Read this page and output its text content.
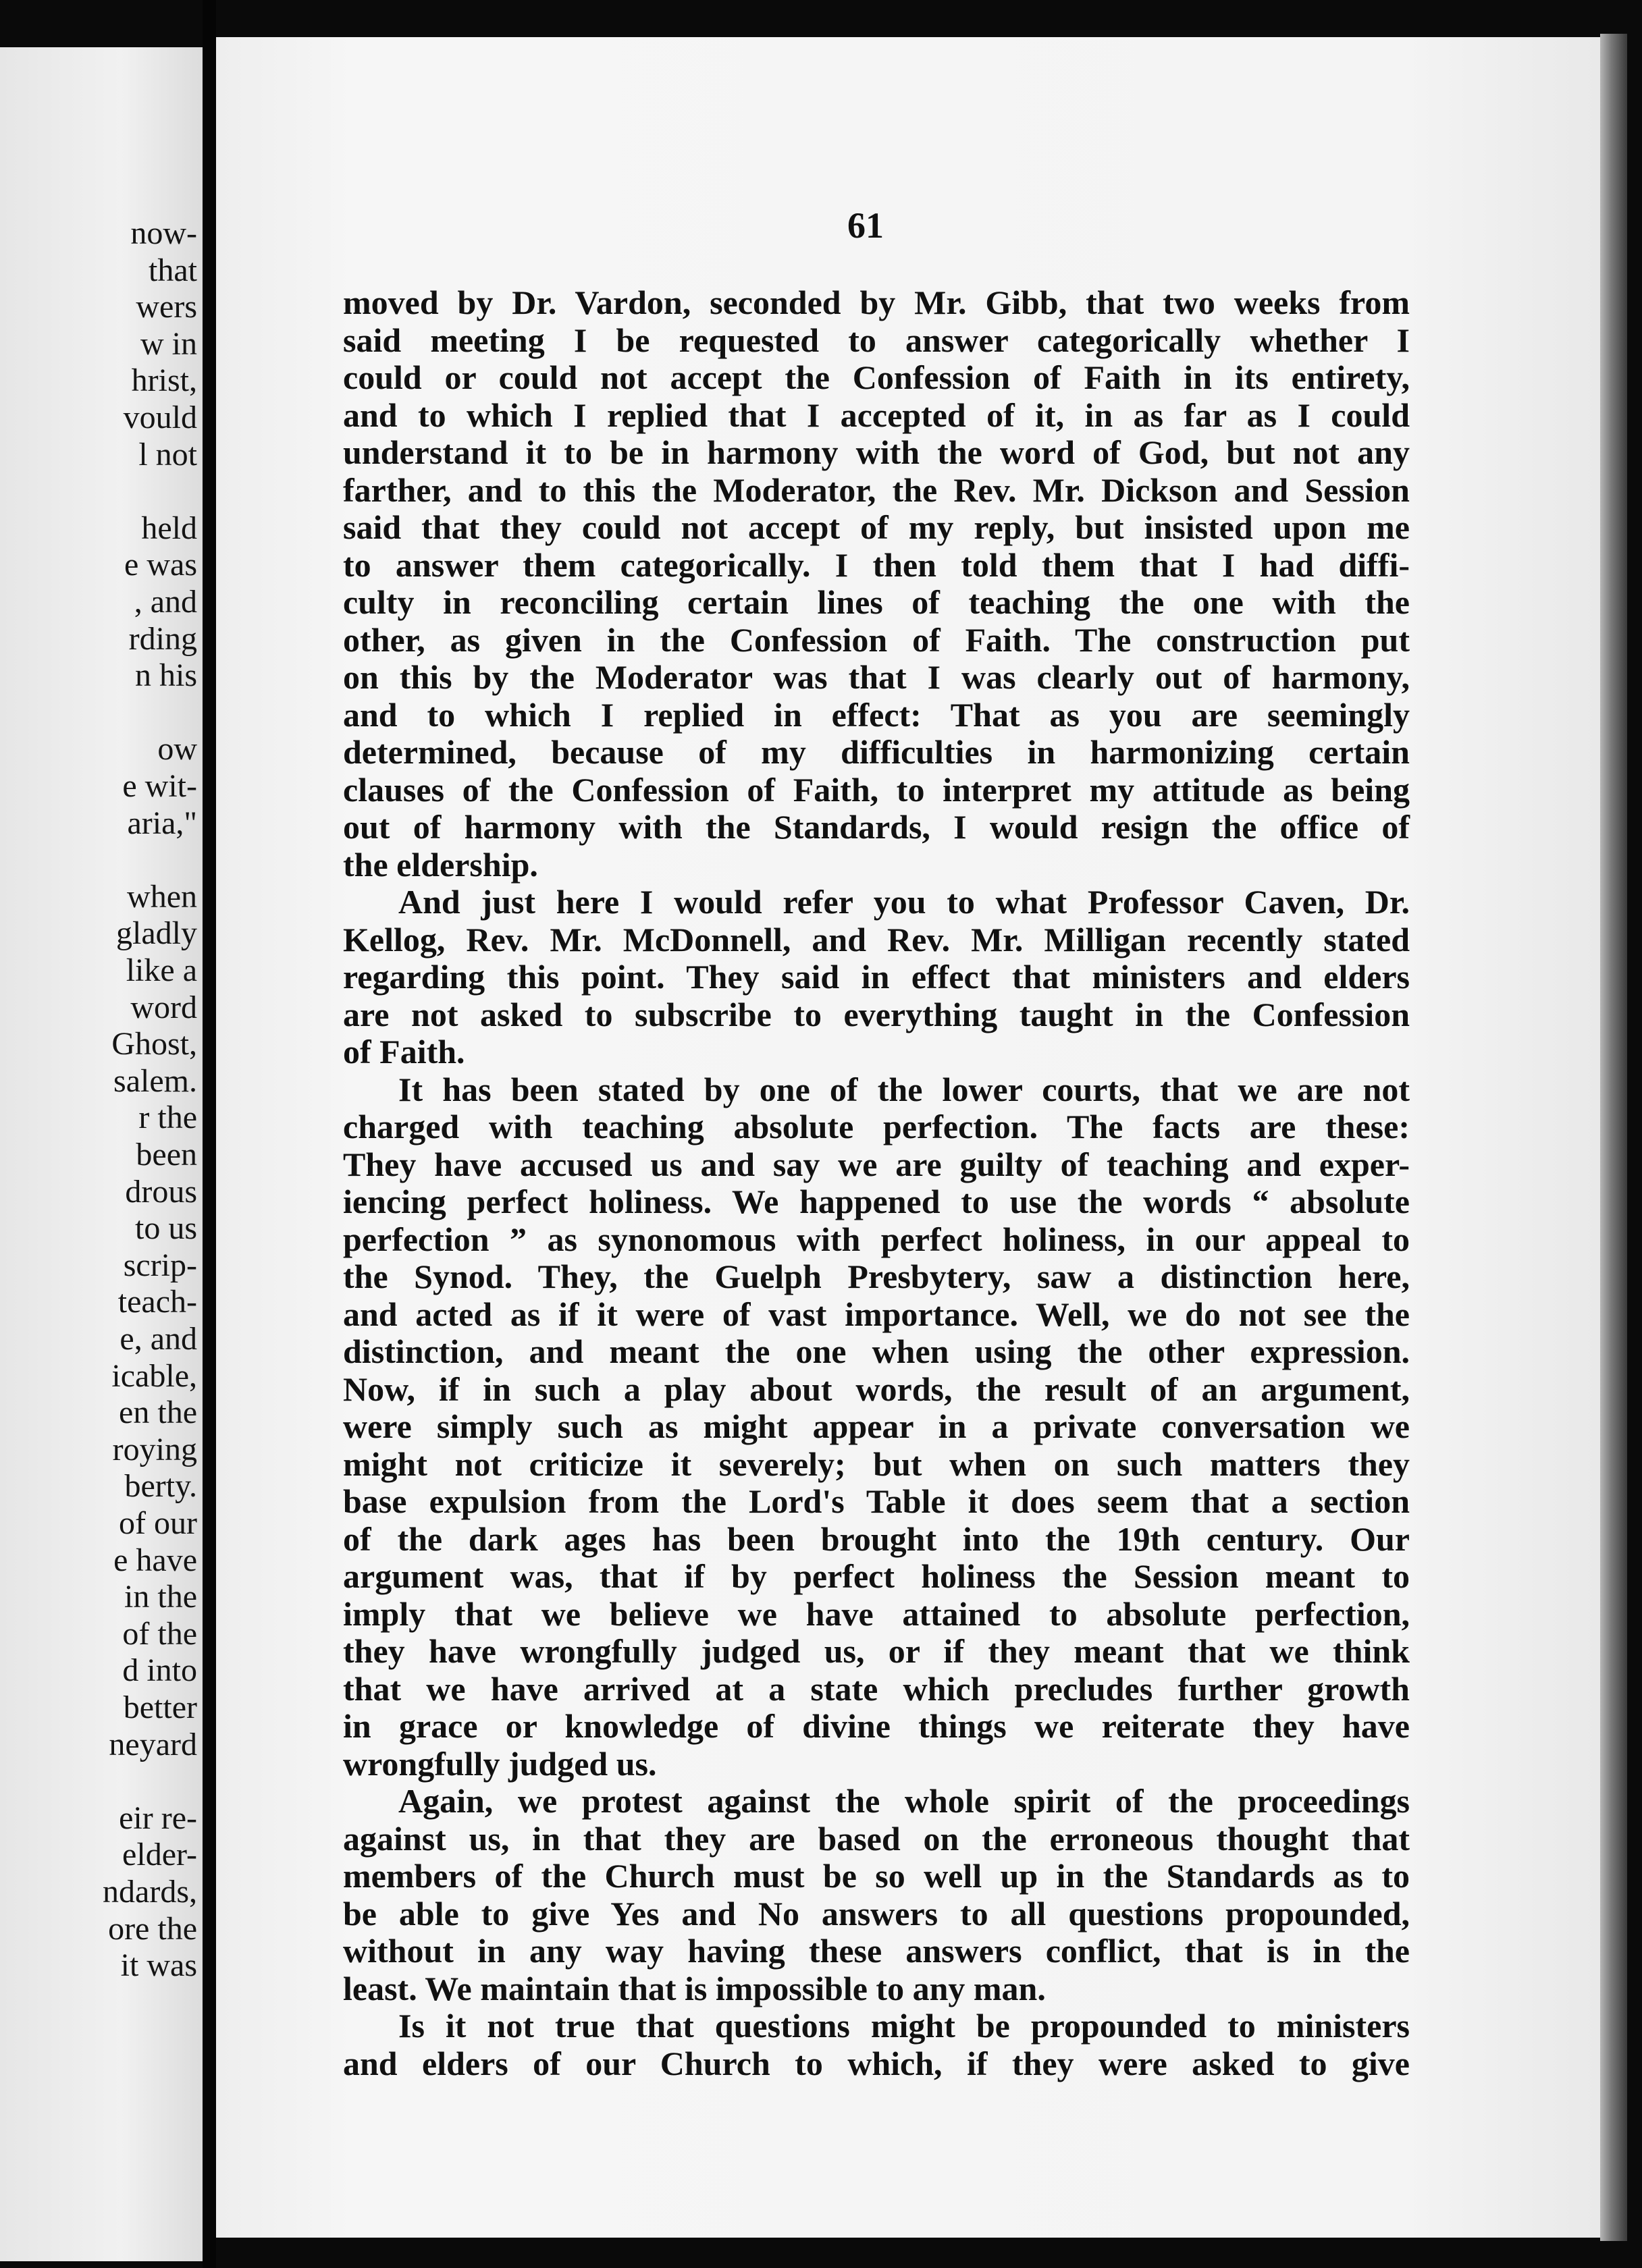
now-
that
wers
w in
hrist,
vould
l not
held
e was
, and
rding
n his
ow
e wit-
aria,"
when
gladly
like a
word
Ghost,
salem.
r the
been
drous
to us
scrip-
teach-
e, and
icable,
en the
roying
berty.
of our
e have
in the
of the
d into
better
neyard
eir re-
elder-
ndards,
ore the
it was
61
moved by Dr. Vardon, seconded by Mr. Gibb, that two weeks from
said meeting I be requested to answer categorically whether I
could or could not accept the Confession of Faith in its entirety,
and to which I replied that I accepted of it, in as far as I could
understand it to be in harmony with the word of God, but not any
farther, and to this the Moderator, the Rev. Mr. Dickson and Session
said that they could not accept of my reply, but insisted upon me
to answer them categorically. I then told them that I had diffi-
culty in reconciling certain lines of teaching the one with the
other, as given in the Confession of Faith. The construction put
on this by the Moderator was that I was clearly out of harmony,
and to which I replied in effect: That as you are seemingly
determined, because of my difficulties in harmonizing certain
clauses of the Confession of Faith, to interpret my attitude as being
out of harmony with the Standards, I would resign the office of
the eldership.
And just here I would refer you to what Professor Caven, Dr.
Kellog, Rev. Mr. McDonnell, and Rev. Mr. Milligan recently stated
regarding this point. They said in effect that ministers and elders
are not asked to subscribe to everything taught in the Confession
of Faith.
It has been stated by one of the lower courts, that we are not
charged with teaching absolute perfection. The facts are these:
They have accused us and say we are guilty of teaching and exper-
iencing perfect holiness. We happened to use the words “ absolute
perfection ” as synonomous with perfect holiness, in our appeal to
the Synod. They, the Guelph Presbytery, saw a distinction here,
and acted as if it were of vast importance. Well, we do not see the
distinction, and meant the one when using the other expression.
Now, if in such a play about words, the result of an argument,
were simply such as might appear in a private conversation we
might not criticize it severely; but when on such matters they
base expulsion from the Lord's Table it does seem that a section
of the dark ages has been brought into the 19th century. Our
argument was, that if by perfect holiness the Session meant to
imply that we believe we have attained to absolute perfection,
they have wrongfully judged us, or if they meant that we think
that we have arrived at a state which precludes further growth
in grace or knowledge of divine things we reiterate they have
wrongfully judged us.
Again, we protest against the whole spirit of the proceedings
against us, in that they are based on the erroneous thought that
members of the Church must be so well up in the Standards as to
be able to give Yes and No answers to all questions propounded,
without in any way having these answers conflict, that is in the
least. We maintain that is impossible to any man.
Is it not true that questions might be propounded to ministers
and elders of our Church to which, if they were asked to give
